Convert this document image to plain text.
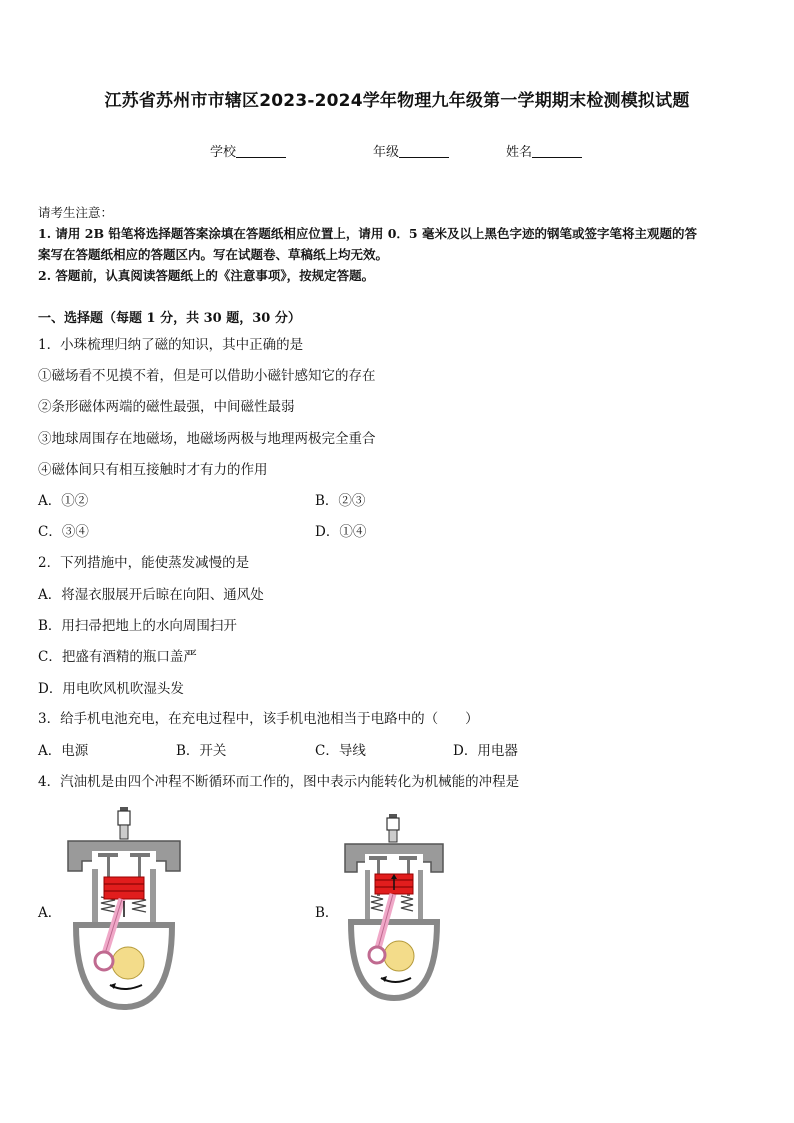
江苏省苏州市市辖区2023-2024学年物理九年级第一学期期末检测模拟试题
学校	年级	姓名
请考生注意：
1. 请用 2B 铅笔将选择题答案涂填在答题纸相应位置上，请用 0．5 毫米及以上黑色字迹的钢笔或签字笔将主观题的答
案写在答题纸相应的答题区内。写在试题卷、草稿纸上均无效。
2. 答题前，认真阅读答题纸上的《注意事项》，按规定答题。
一、选择题（每题 1 分，共 30 题，30 分）
1．小珠梳理归纳了磁的知识，其中正确的是
①磁场看不见摸不着，但是可以借助小磁针感知它的存在
②条形磁体两端的磁性最强，中间磁性最弱
③地球周围存在地磁场，地磁场两极与地理两极完全重合
④磁体间只有相互接触时才有力的作用
A．①②	B．②③
C．③④	D．①④
2．下列措施中，能使蒸发减慢的是
A．将湿衣服展开后晾在向阳、通风处
B．用扫帚把地上的水向周围扫开
C．把盛有酒精的瓶口盖严
D．用电吹风机吹湿头发
3．给手机电池充电，在充电过程中，该手机电池相当于电路中的（　　）
A．电源	B．开关	C．导线	D．用电器
4．汽油机是由四个冲程不断循环而工作的，图中表示内能转化为机械能的冲程是
A．	B．
